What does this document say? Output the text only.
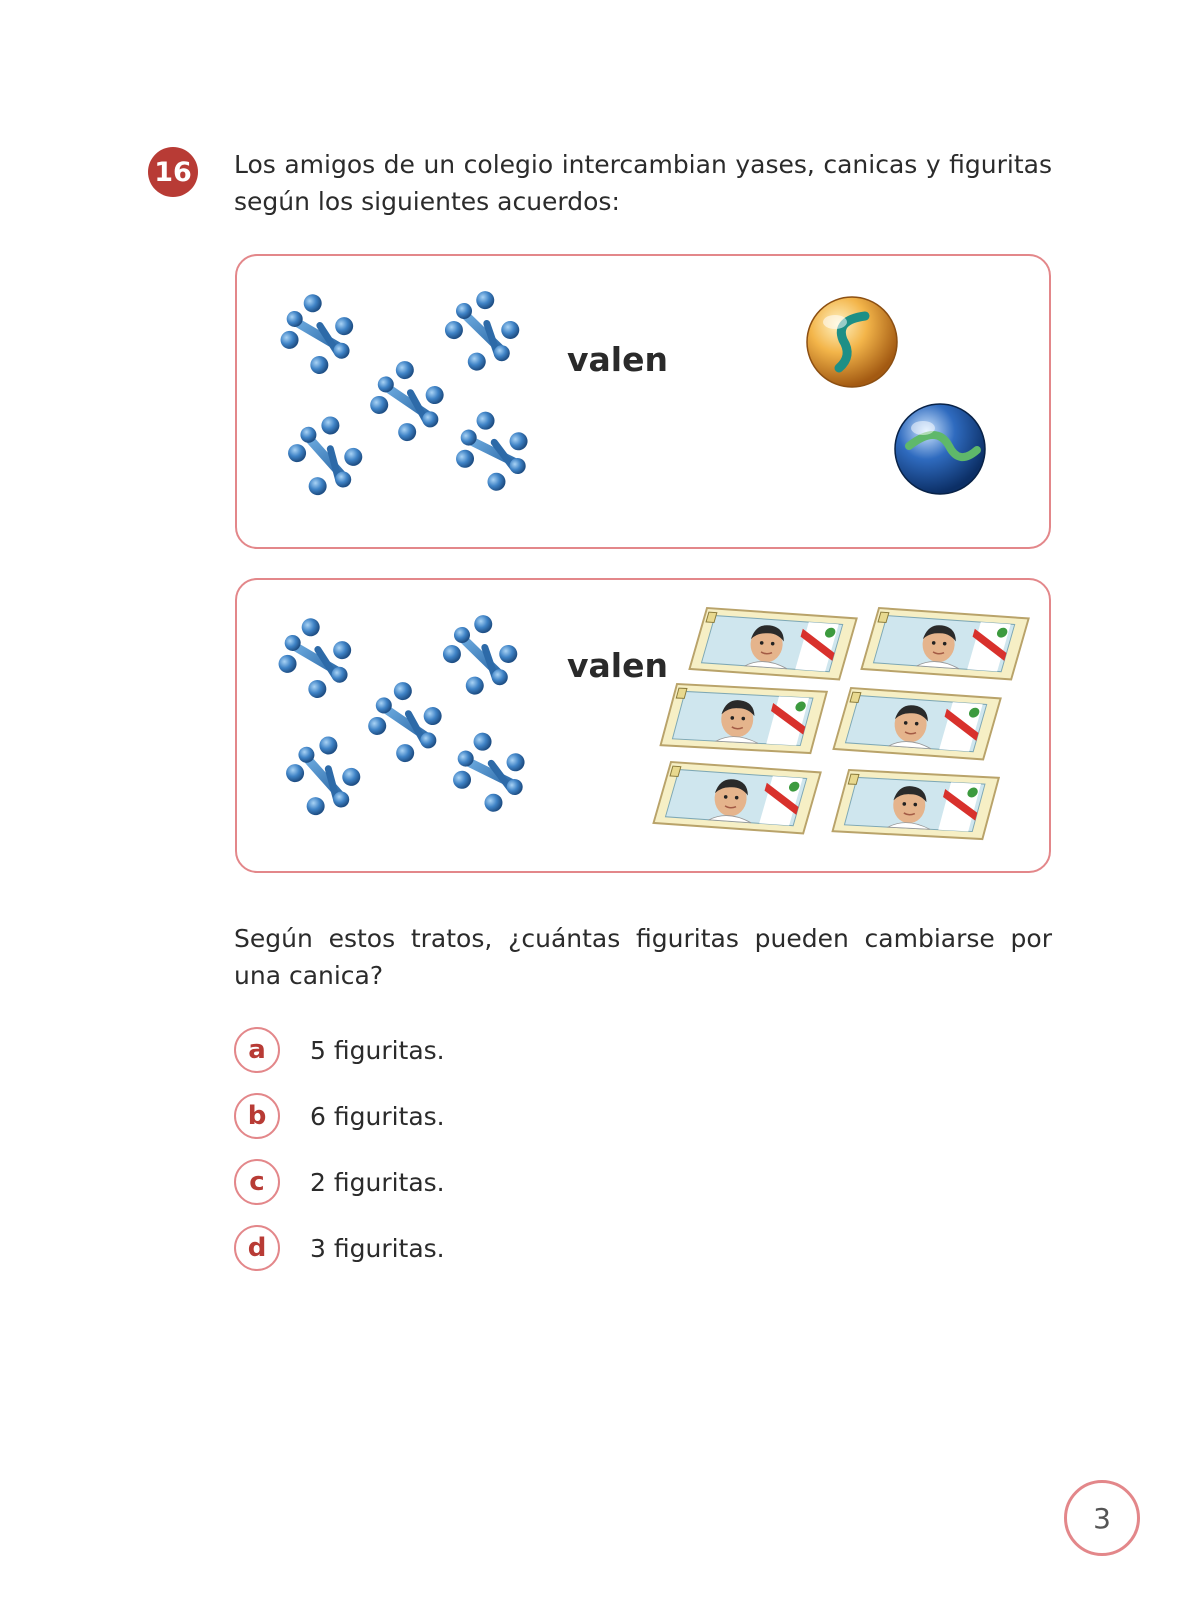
16 Los amigos de un colegio intercambian yases, canicas y figuritas según los siguientes acuerdos:
valen
valen
Según estos tratos, ¿cuántas figuritas pueden cambiarse por una canica?
a	5 figuritas.
b	6 figuritas.
c	2 figuritas.
d	3 figuritas.
3
